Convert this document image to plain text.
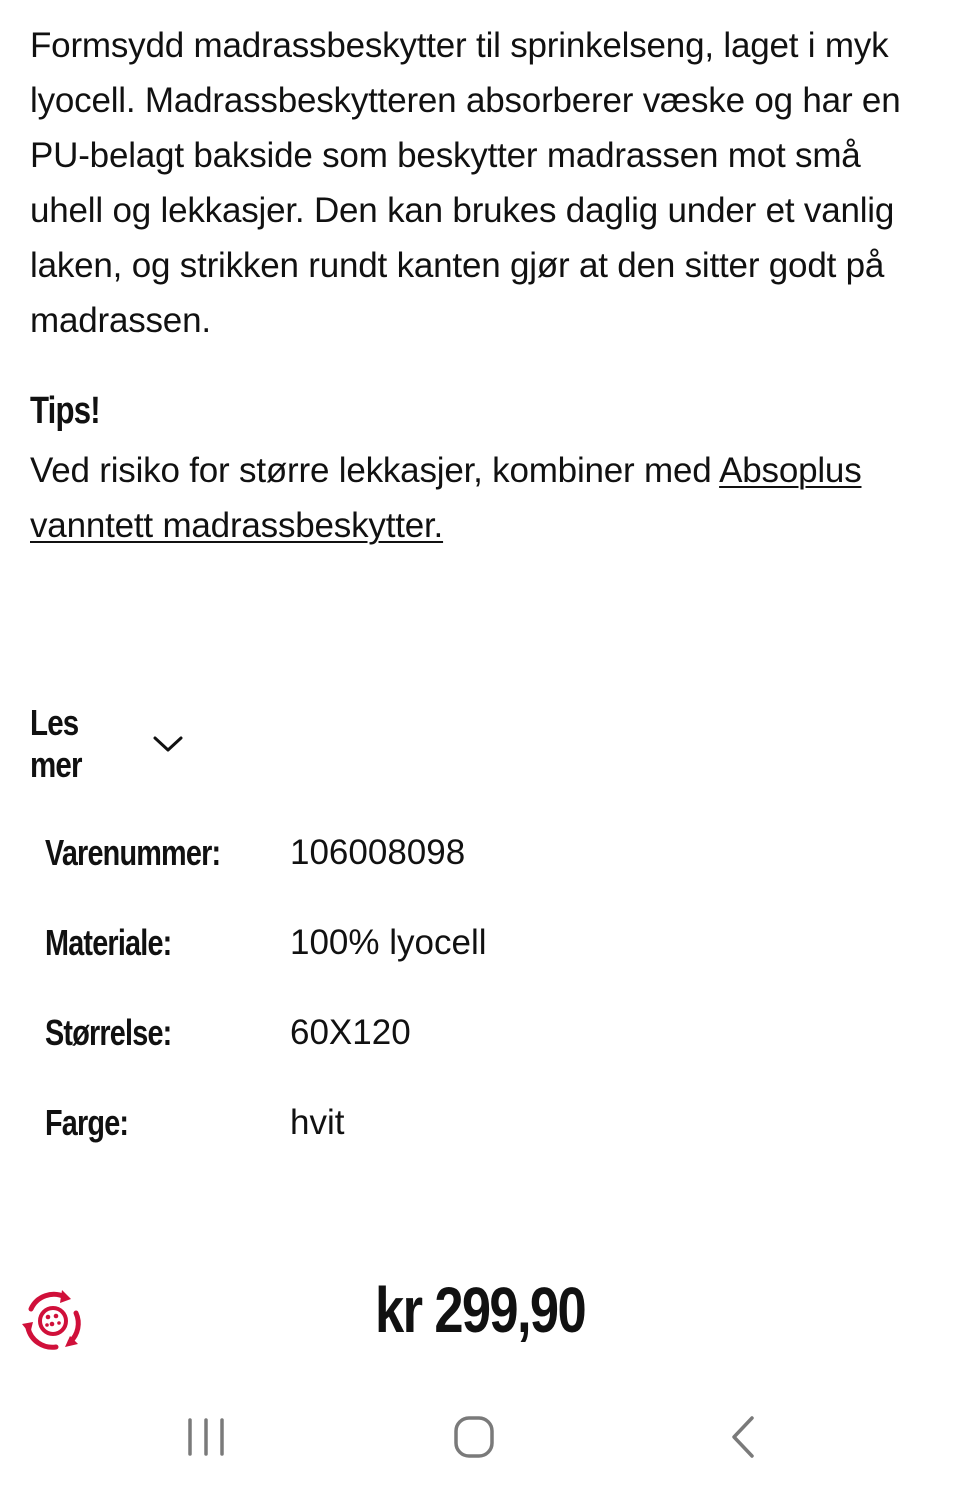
Formsydd madrassbeskytter til sprinkelseng, laget i myk lyocell. Madrassbeskytteren absorberer væske og har en PU-belagt bakside som beskytter madrassen mot små uhell og lekkasjer. Den kan brukes daglig under et vanlig laken, og strikken rundt kanten gjør at den sitter godt på madrassen.

Tips!

Ved risiko for større lekkasjer, kombiner med Absoplus vanntett madrassbeskytter.

Les mer
Varenummer: 106008098
Materiale:	100% lyocell
Størrelse:	60X120
Farge:	hvit
kr 299,90
